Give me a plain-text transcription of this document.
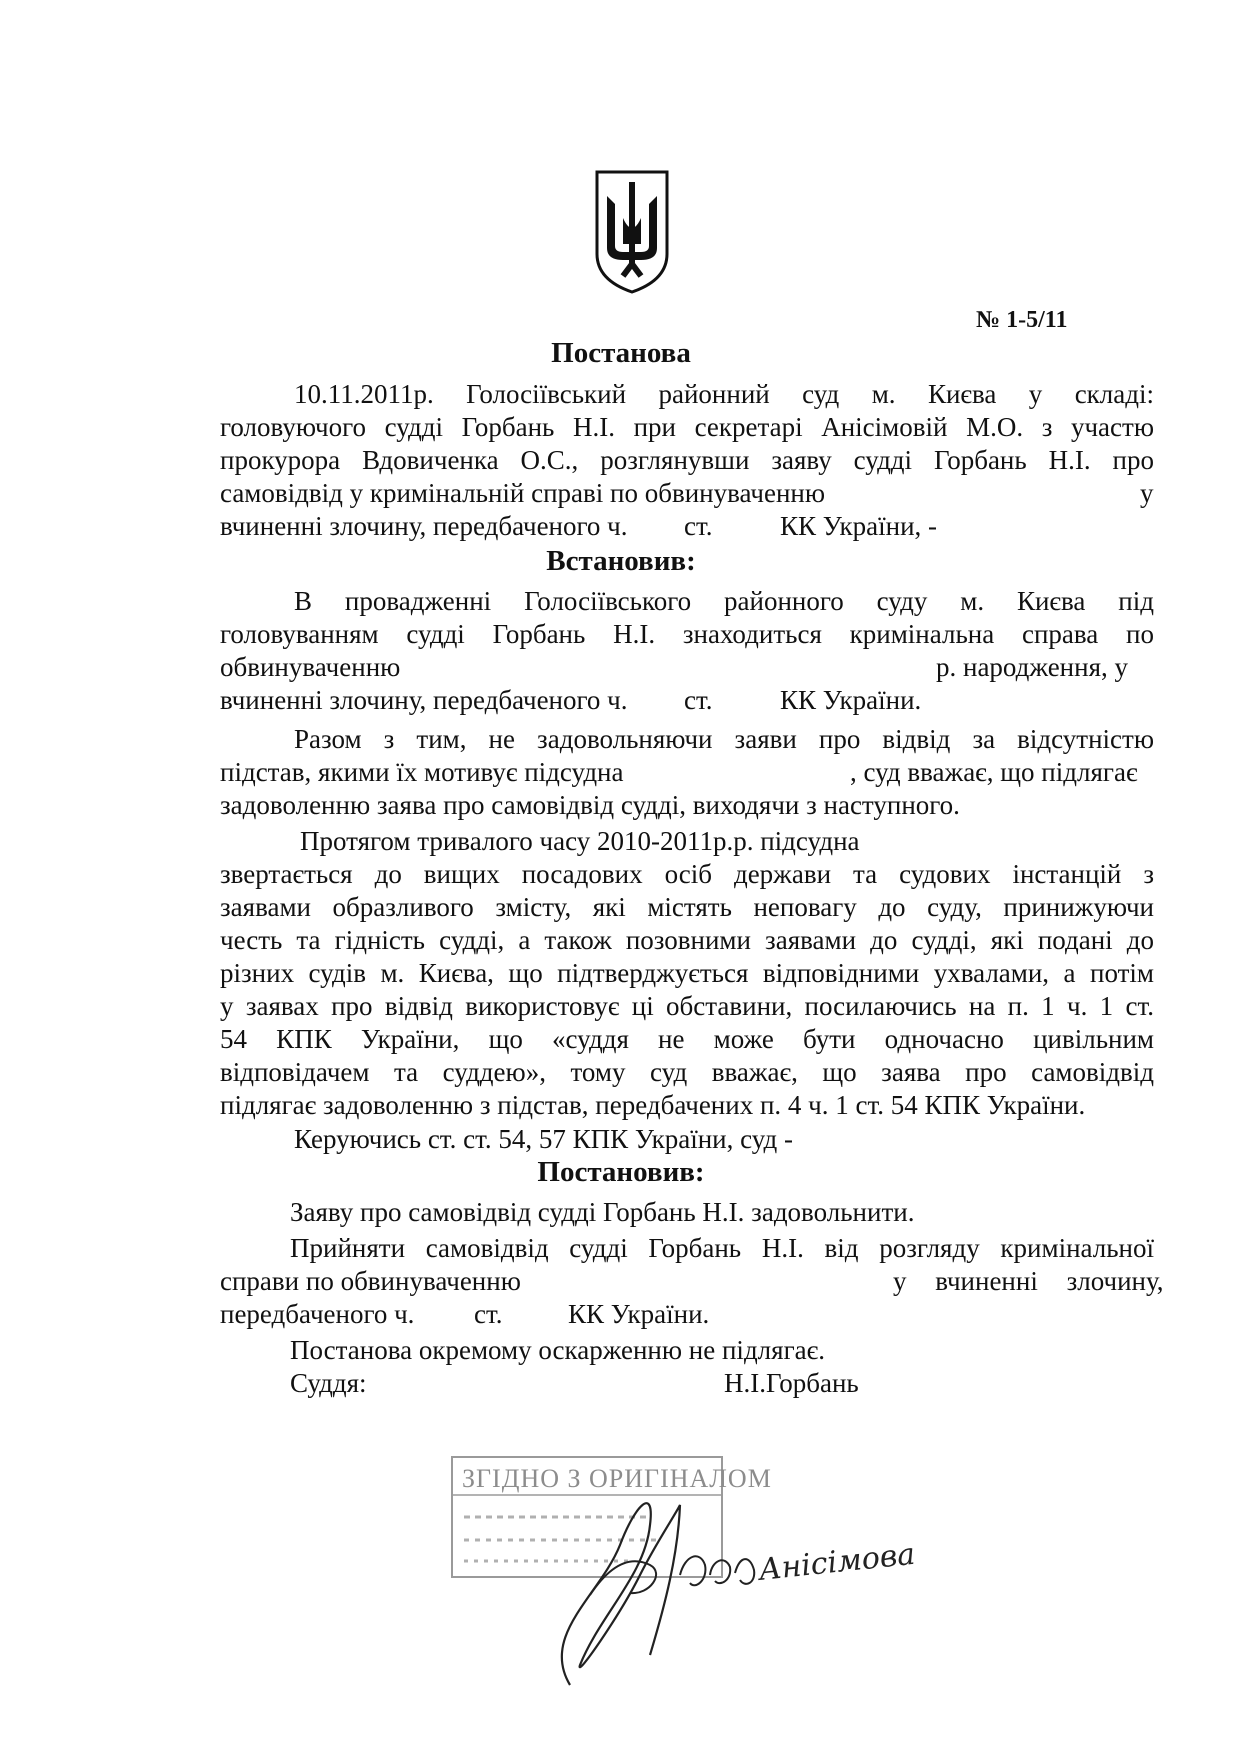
№ 1-5/11
Постанова
10.11.2011р. Голосіївський районний суд м. Києва у складі:
головуючого судді Горбань Н.І. при секретарі Анісімовій М.О. з участю
прокурора Вдовиченка О.С., розглянувши заяву судді Горбань Н.І. про
самовідвід у кримінальній справі по обвинуваченню	у
вчиненні злочину, передбаченого ч. ст. КК України, -
Встановив:
В провадженні Голосіївського районного суду м. Києва під
головуванням судді Горбань Н.І. знаходиться кримінальна справа по
обвинуваченню	р. народження, у
вчиненні злочину, передбаченого ч. ст. КК України.
Разом з тим, не задовольняючи заяви про відвід за відсутністю
підстав, якими їх мотивує підсудна	, суд вважає, що підлягає
задоволенню заява про самовідвід судді, виходячи з наступного.
Протягом тривалого часу 2010-2011р.р. підсудна
звертається до вищих посадових осіб держави та судових інстанцій з
заявами образливого змісту, які містять неповагу до суду, принижуючи
честь та гідність судді, а також позовними заявами до судді, які подані до
різних судів м. Києва, що підтверджується відповідними ухвалами, а потім
у заявах про відвід використовує ці обставини, посилаючись на п. 1 ч. 1 ст.
54 КПК України, що «суддя не може бути одночасно цивільним
відповідачем та суддею», тому суд вважає, що заява про самовідвід
підлягає задоволенню з підстав, передбачених п. 4 ч. 1 ст. 54 КПК України.
Керуючись ст. ст. 54, 57 КПК України, суд -
Постановив:
Заяву про самовідвід судді Горбань Н.І. задовольнити.
Прийняти самовідвід судді Горбань Н.І. від розгляду кримінальної
справи по обвинуваченню	у вчиненні злочину,
передбаченого ч. ст. КК України.
Постанова окремому оскарженню не підлягає.
Суддя:	Н.І.Горбань
ЗГІДНО З ОРИГІНАЛОМ
Анісімова
